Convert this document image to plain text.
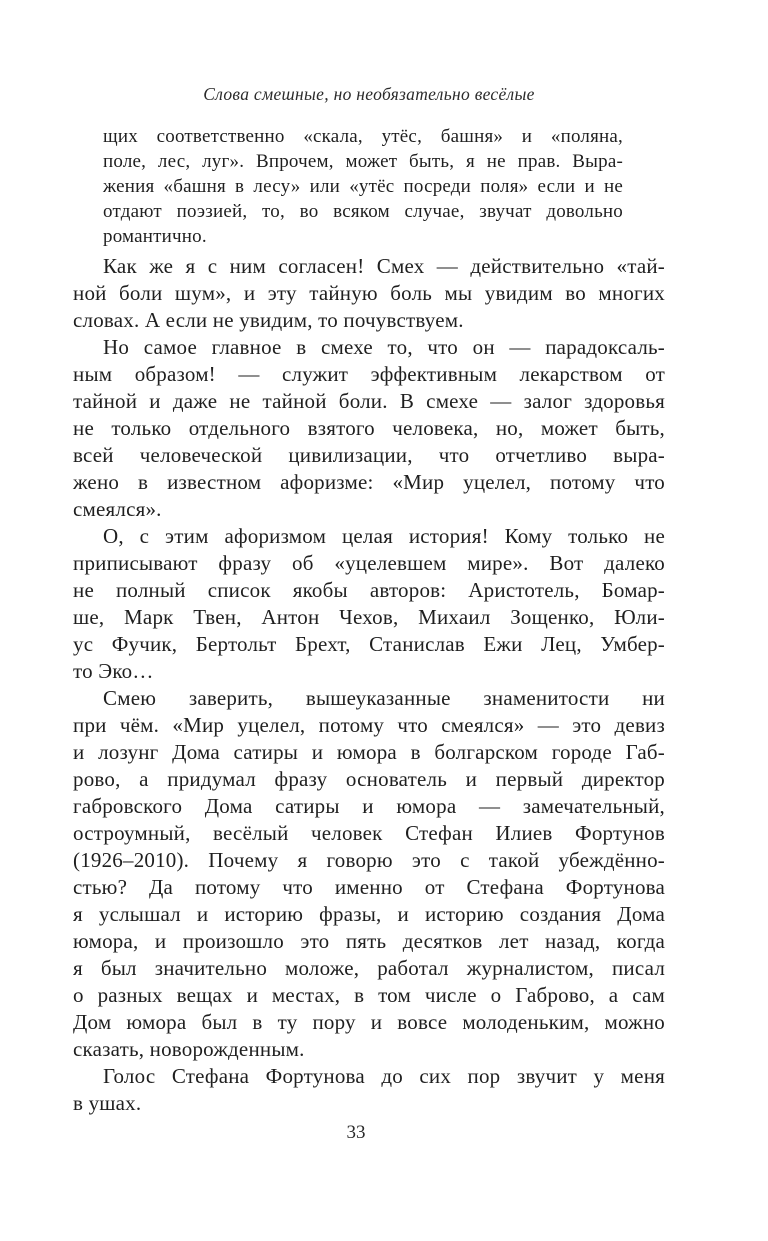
Слова смешные, но необязательно весёлые
щих соответственно «скала, утёс, башня» и «поляна,
поле, лес, луг». Впрочем, может быть, я не прав. Выра-
жения «башня в лесу» или «утёс посреди поля» если и не
отдают поэзией, то, во всяком случае, звучат довольно
романтично.
Как же я с ним согласен! Смех — действительно «тай-
ной боли шум», и эту тайную боль мы увидим во многих
словах. А если не увидим, то почувствуем.
Но самое главное в смехе то, что он — парадоксаль-
ным образом! — служит эффективным лекарством от
тайной и даже не тайной боли. В смехе — залог здоровья
не только отдельного взятого человека, но, может быть,
всей человеческой цивилизации, что отчетливо выра-
жено в известном афоризме: «Мир уцелел, потому что
смеялся».
О, с этим афоризмом целая история! Кому только не
приписывают фразу об «уцелевшем мире». Вот далеко
не полный список якобы авторов: Аристотель, Бомар-
ше, Марк Твен, Антон Чехов, Михаил Зощенко, Юли-
ус Фучик, Бертольт Брехт, Станислав Ежи Лец, Умбер-
то Эко…
Смею заверить, вышеуказанные знаменитости ни
при чём. «Мир уцелел, потому что смеялся» — это девиз
и лозунг Дома сатиры и юмора в болгарском городе Габ-
рово, а придумал фразу основатель и первый директор
габровского Дома сатиры и юмора — замечательный,
остроумный, весёлый человек Стефан Илиев Фортунов
(1926–2010). Почему я говорю это с такой убеждённо-
стью? Да потому что именно от Стефана Фортунова
я услышал и историю фразы, и историю создания Дома
юмора, и произошло это пять десятков лет назад, когда
я был значительно моложе, работал журналистом, писал
о разных вещах и местах, в том числе о Габрово, а сам
Дом юмора был в ту пору и вовсе молоденьким, можно
сказать, новорожденным.
Голос Стефана Фортунова до сих пор звучит у меня
в ушах.
33
